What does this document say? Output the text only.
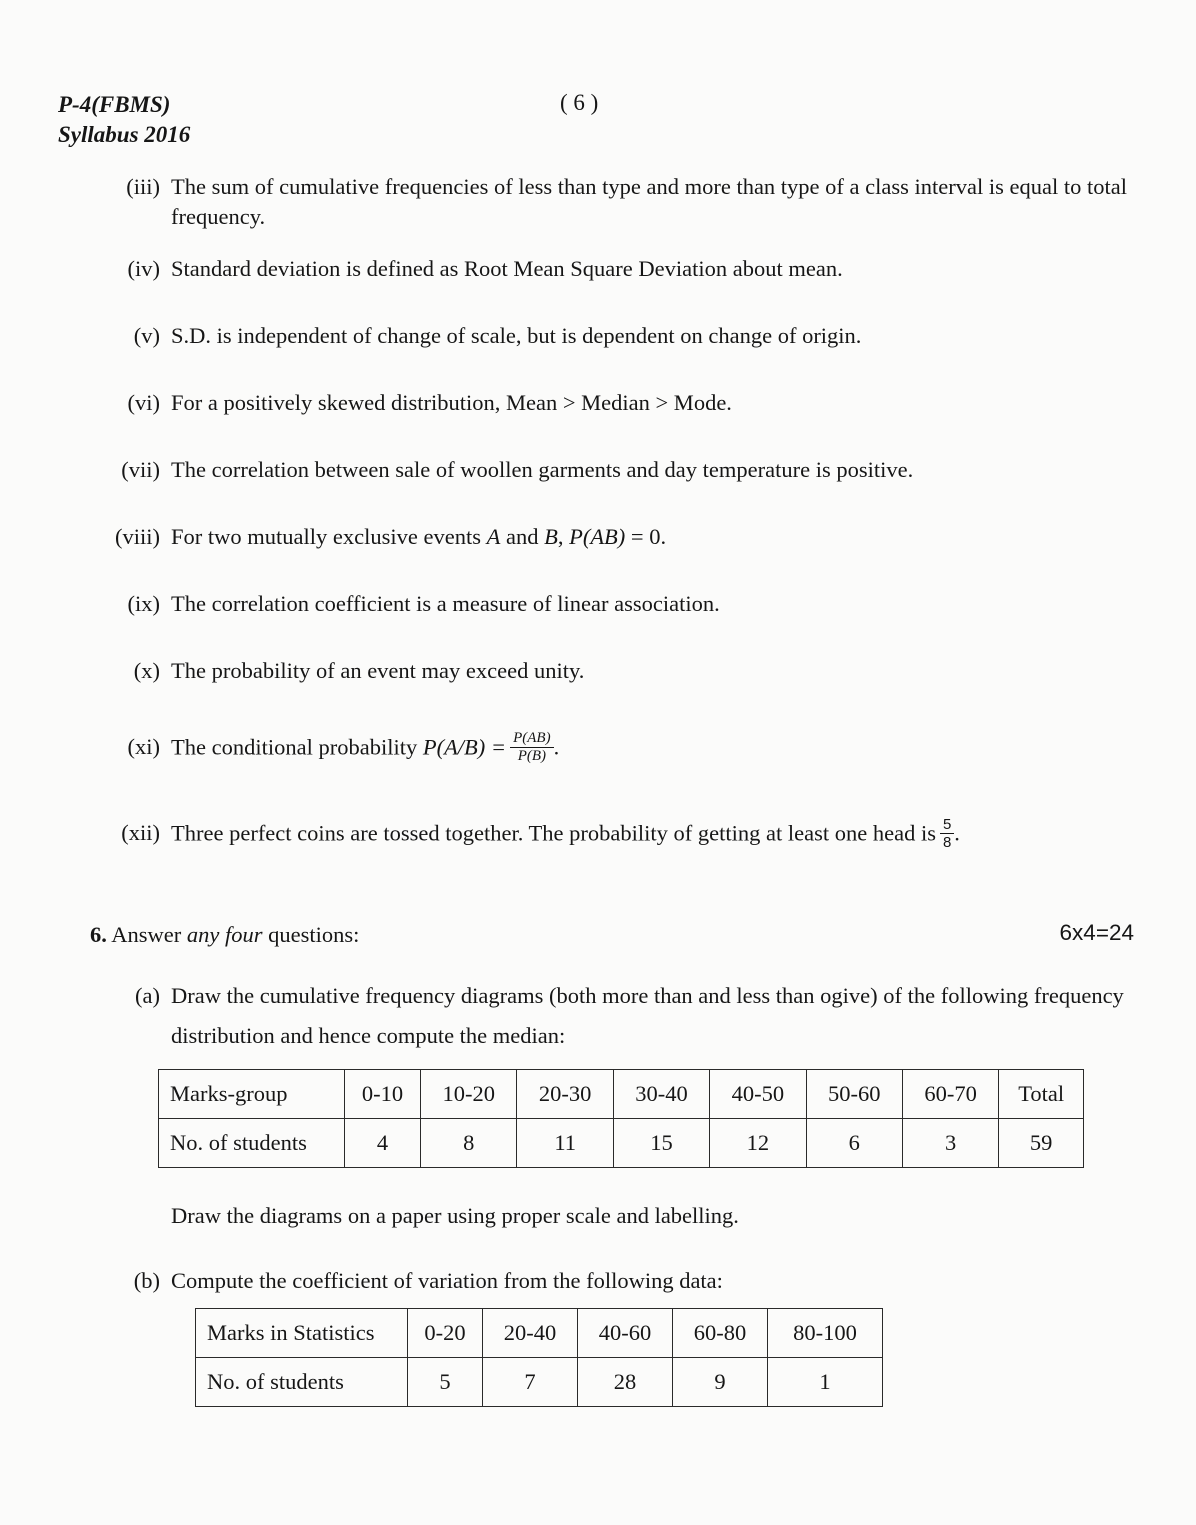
P-4(FBMS)
Syllabus 2016
( 6 )
(iii) The sum of cumulative frequencies of less than type and more than type of a class interval is equal to total frequency.
(iv) Standard deviation is defined as Root Mean Square Deviation about mean.
(v) S.D. is independent of change of scale, but is dependent on change of origin.
(vi) For a positively skewed distribution, Mean > Median > Mode.
(vii) The correlation between sale of woollen garments and day temperature is positive.
(viii) For two mutually exclusive events A and B, P(AB) = 0.
(ix) The correlation coefficient is a measure of linear association.
(x) The probability of an event may exceed unity.
(xi) The conditional probability $P(A/B) = \frac{P(AB)}{P(B)}$ .
(xii) Three perfect coins are tossed together. The probability of getting at least one head is $\frac{5}{8}$ .
6. Answer any four questions:	6x4=24
(a) Draw the cumulative frequency diagrams (both more than and less than ogive) of the following frequency distribution and hence compute the median:
Marks-group	0-10	10-20	20-30	30-40	40-50	50-60	60-70	Total
No. of students	4	8	11	15	12	6	3	59
Draw the diagrams on a paper using proper scale and labelling.
(b) Compute the coefficient of variation from the following data:
Marks in Statistics	0-20	20-40	40-60	60-80	80-100
No. of students	5	7	28	9	1
